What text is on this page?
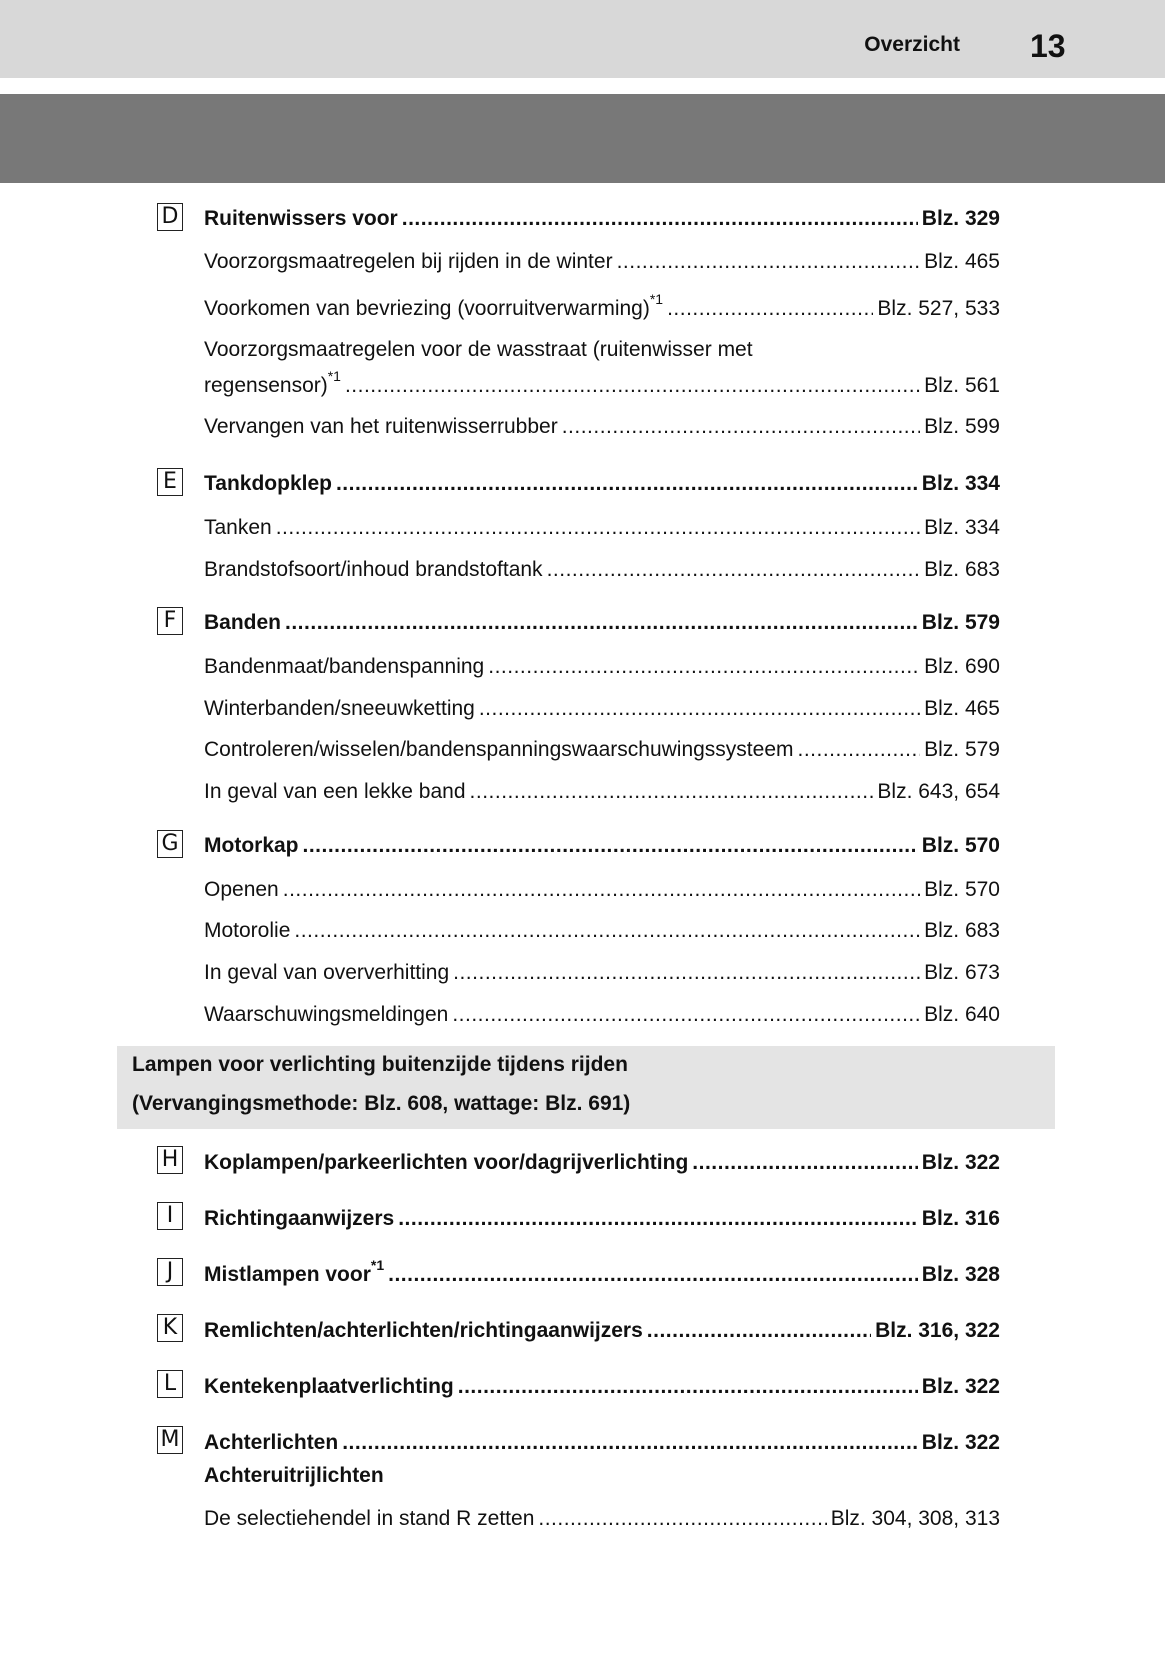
Overzicht 13
D Ruitenwissers voor .....	Blz. 329
Voorzorgsmaatregelen bij rijden in de winter .....	Blz. 465
Voorkomen van bevriezing (voorruitverwarming)$^{*1}$ .....	Blz. 527, 533
Voorzorgsmaatregelen voor de wasstraat (ruitenwisser met
regensensor)$^{*1}$ .....	Blz. 561
Vervangen van het ruitenwisserrubber .....	Blz. 599
E Tankdopklep .....	Blz. 334
Tanken .....	Blz. 334
Brandstofsoort/inhoud brandstoftank .....	Blz. 683
F	Banden .....	Blz. 579
Bandenmaat/bandenspanning .....	Blz. 690
Winterbanden/sneeuwketting .....	Blz. 465
Controleren/wisselen/bandenspanningswaarschuwingssysteem .....	Blz. 579
In geval van een lekke band .....	Blz. 643, 654
G Motorkap .....	Blz. 570
Openen .....	Blz. 570
Motorolie .....	Blz. 683
In geval van oververhitting .....	Blz. 673
Waarschuwingsmeldingen .....	Blz. 640
Lampen voor verlichting buitenzijde tijdens rijden
(Vervangingsmethode: Blz. 608, wattage: Blz. 691)
H Koplampen/parkeerlichten voor/dagrijverlichting .....	Blz. 322
I	Richtingaanwijzers .....	Blz. 316
J	Mistlampen voor$^{*1}$ .....	Blz. 328
K Remlichten/achterlichten/richtingaanwijzers .....	Blz. 316, 322
L	Kentekenplaatverlichting .....	Blz. 322
M Achterlichten .....	Blz. 322
Achteruitrijlichten
De selectiehendel in stand R zetten .....	Blz. 304, 308, 313
